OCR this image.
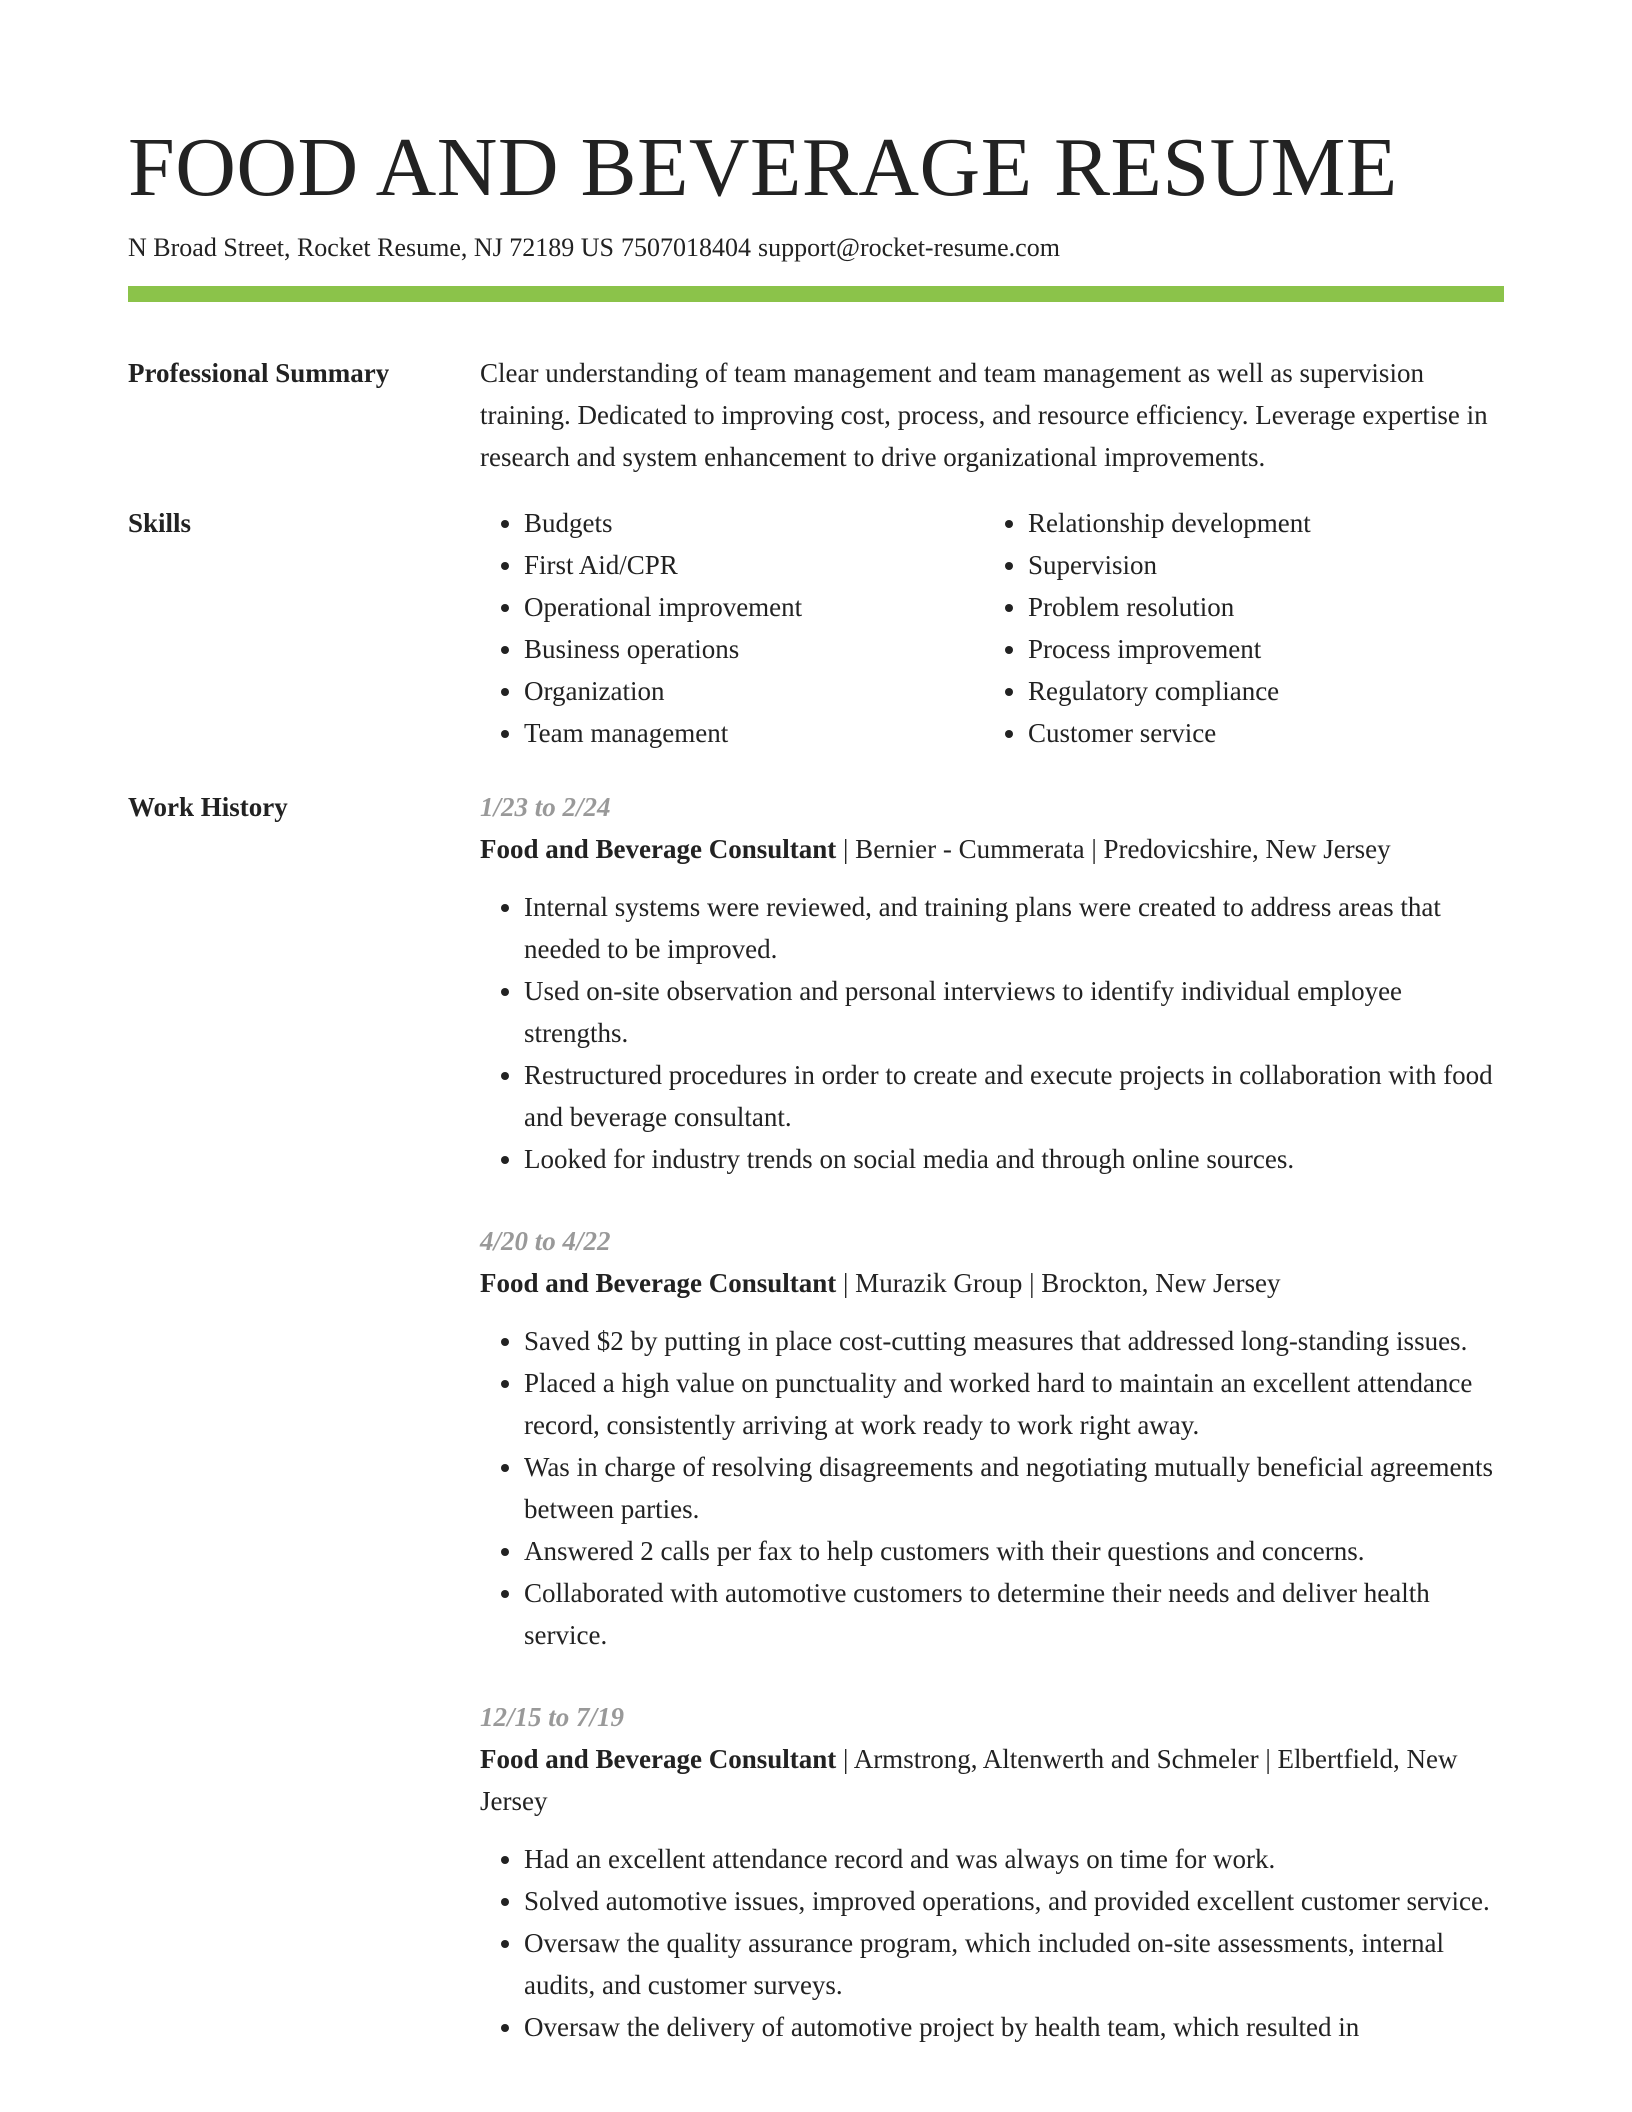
FOOD AND BEVERAGE RESUME
N Broad Street, Rocket Resume, NJ 72189 US 7507018404 support@rocket-resume.com
Professional Summary	Clear understanding of team management and team management as well as supervision training. Dedicated to improving cost, process, and resource efficiency. Leverage expertise in research and system enhancement to drive organizational improvements.

Skills
•	Budgets
• First Aid/CPR
• Operational improvement
• Business operations
• Organization
• Team management
• Relationship development
• Supervision
• Problem resolution
• Process improvement
• Regulatory compliance
• Customer service
Work History	1/23 to 2/24
Food and Beverage Consultant | Bernier - Cummerata | Predovicshire, New Jersey
• Internal systems were reviewed, and training plans were created to address areas that needed to be improved.
• Used on-site observation and personal interviews to identify individual employee strengths.
• Restructured procedures in order to create and execute projects in collaboration with food and beverage consultant.
• Looked for industry trends on social media and through online sources.
4/20 to 4/22
Food and Beverage Consultant | Murazik Group | Brockton, New Jersey
• Saved $2 by putting in place cost-cutting measures that addressed long-standing issues.
• Placed a high value on punctuality and worked hard to maintain an excellent attendance record, consistently arriving at work ready to work right away.
• Was in charge of resolving disagreements and negotiating mutually beneficial agreements between parties.
• Answered 2 calls per fax to help customers with their questions and concerns.
• Collaborated with automotive customers to determine their needs and deliver health service.
12/15 to 7/19
Food and Beverage Consultant | Armstrong, Altenwerth and Schmeler | Elbertfield, New Jersey
• Had an excellent attendance record and was always on time for work.
• Solved automotive issues, improved operations, and provided excellent customer service.
• Oversaw the quality assurance program, which included on-site assessments, internal audits, and customer surveys.
• Oversaw the delivery of automotive project by health team, which resulted in
